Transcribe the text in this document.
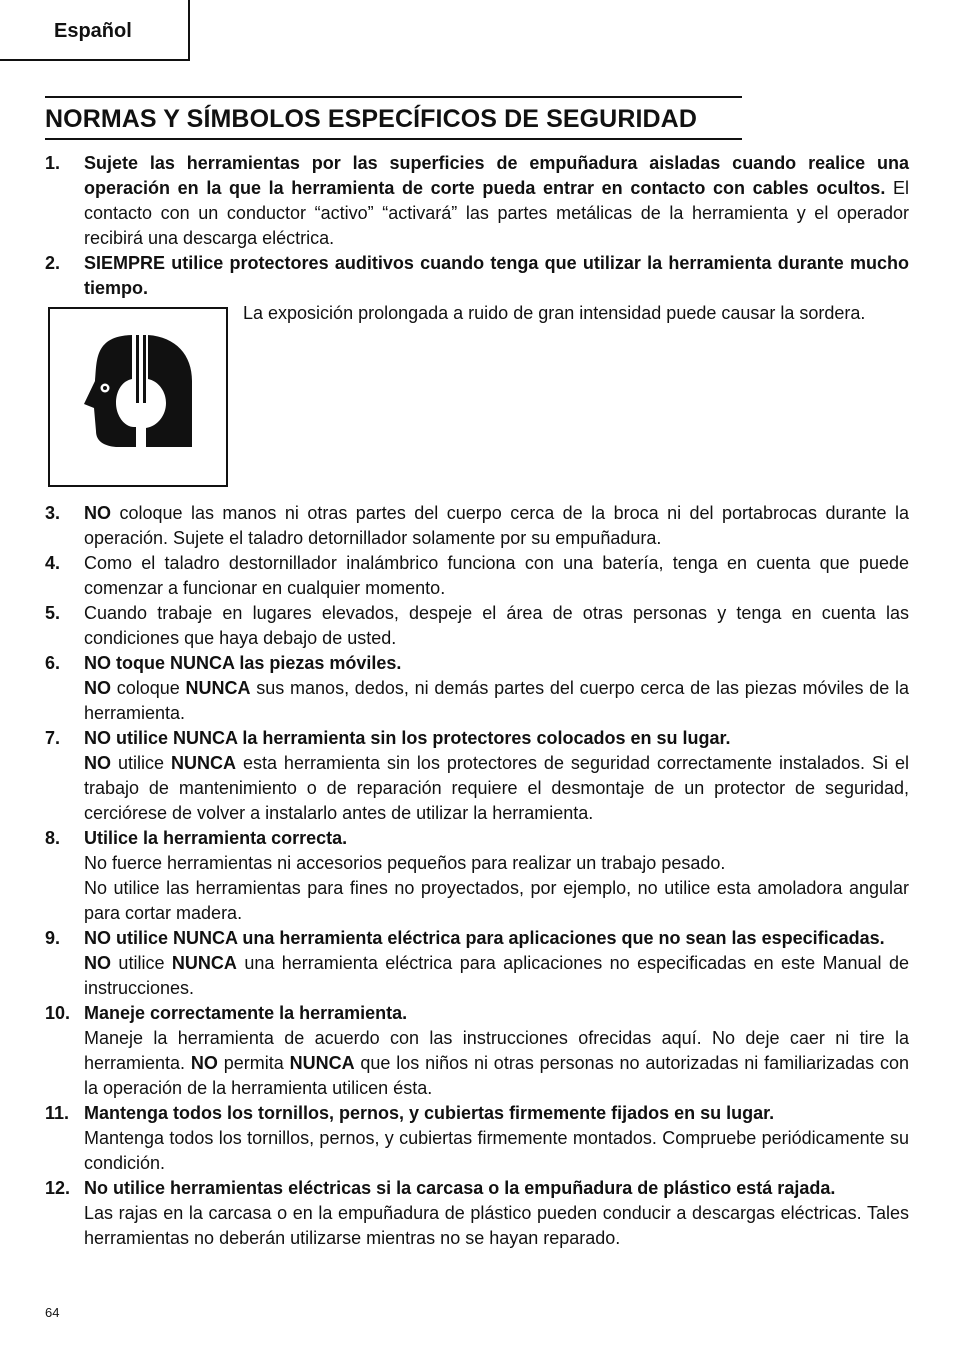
Español
NORMAS Y SÍMBOLOS ESPECÍFICOS DE SEGURIDAD
1. Sujete las herramientas por las superficies de empuñadura aisladas cuando realice una operación en la que la herramienta de corte pueda entrar en contacto con cables ocultos. El contacto con un conductor “activo” “activará” las partes metálicas de la herramienta y el operador recibirá una descarga eléctrica.

2. SIEMPRE utilice protectores auditivos cuando tenga que utilizar la herramienta durante mucho tiempo.

La exposición prolongada a ruido de gran intensidad puede causar la sordera.
3. NO coloque las manos ni otras partes del cuerpo cerca de la broca ni del portabrocas durante la operación. Sujete el taladro detornillador solamente por su empuñadura.

4. Como el taladro destornillador inalámbrico funciona con una batería, tenga en cuenta que puede comenzar a funcionar en cualquier momento.

5. Cuando trabaje en lugares elevados, despeje el área de otras personas y tenga en cuenta las condiciones que haya debajo de usted.

6. NO toque NUNCA las piezas móviles.

NO coloque NUNCA sus manos, dedos, ni demás partes del cuerpo cerca de las piezas móviles de la herramienta.

7. NO utilice NUNCA la herramienta sin los protectores colocados en su lugar.

NO utilice NUNCA esta herramienta sin los protectores de seguridad correctamente instalados. Si el trabajo de mantenimiento o de reparación requiere el desmontaje de un protector de seguridad, cerciórese de volver a instalarlo antes de utilizar la herramienta.

8. Utilice la herramienta correcta.

No fuerce herramientas ni accesorios pequeños para realizar un trabajo pesado.

No utilice las herramientas para fines no proyectados, por ejemplo, no utilice esta amoladora angular para cortar madera.

9. NO utilice NUNCA una herramienta eléctrica para aplicaciones que no sean las especificadas.

NO utilice NUNCA una herramienta eléctrica para aplicaciones no especificadas en este Manual de instrucciones.

10. Maneje correctamente la herramienta.

Maneje la herramienta de acuerdo con las instrucciones ofrecidas aquí. No deje caer ni tire la herramienta. NO permita NUNCA que los niños ni otras personas no autorizadas ni familiarizadas con la operación de la herramienta utilicen ésta.

11. Mantenga todos los tornillos, pernos, y cubiertas firmemente fijados en su lugar.

Mantenga todos los tornillos, pernos, y cubiertas firmemente montados. Compruebe periódicamente su condición.

12. No utilice herramientas eléctricas si la carcasa o la empuñadura de plástico está rajada.

Las rajas en la carcasa o en la empuñadura de plástico pueden conducir a descargas eléctricas. Tales herramientas no deberán utilizarse mientras no se hayan reparado.

64
